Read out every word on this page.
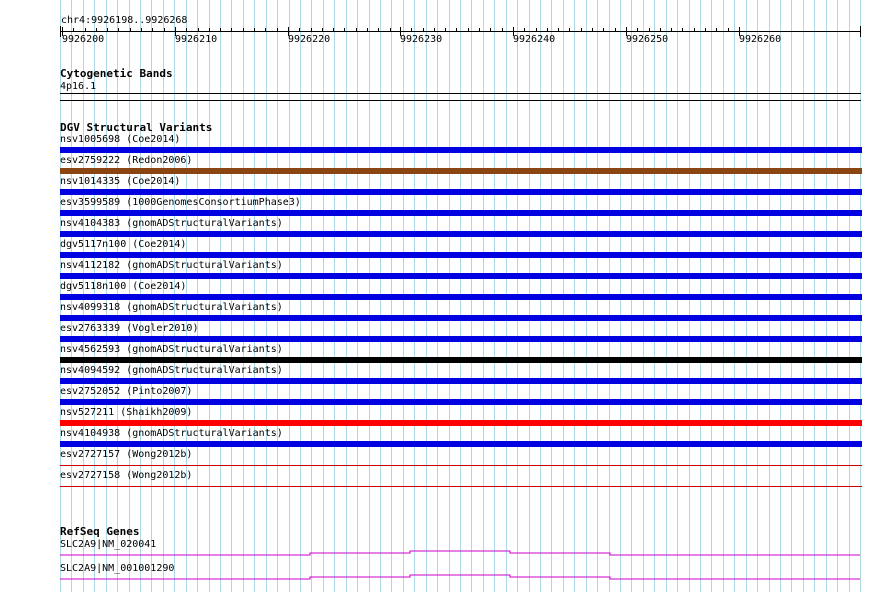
chr4:9926198..9926268
9926200	9926210	9926220	9926230	9926240	9926250	9926260
Cytogenetic Bands
4p16.1
DGV Structural Variants
nsv1005698 (Coe2014)
esv2759222 (Redon2006)
nsv1014335 (Coe2014)
esv3599589 (1000GenomesConsortiumPhase3)
nsv4104383 (gnomADStructuralVariants)
dgv5117n100 (Coe2014)
nsv4112182 (gnomADStructuralVariants)
dgv5118n100 (Coe2014)
nsv4099318 (gnomADStructuralVariants)
esv2763339 (Vogler2010)
nsv4562593 (gnomADStructuralVariants)
nsv4094592 (gnomADStructuralVariants)
esv2752052 (Pinto2007)
nsv527211 (Shaikh2009)
nsv4104938 (gnomADStructuralVariants)
esv2727157 (Wong2012b)
esv2727158 (Wong2012b)
RefSeq Genes
SLC2A9|NM_020041
SLC2A9|NM_001001290
